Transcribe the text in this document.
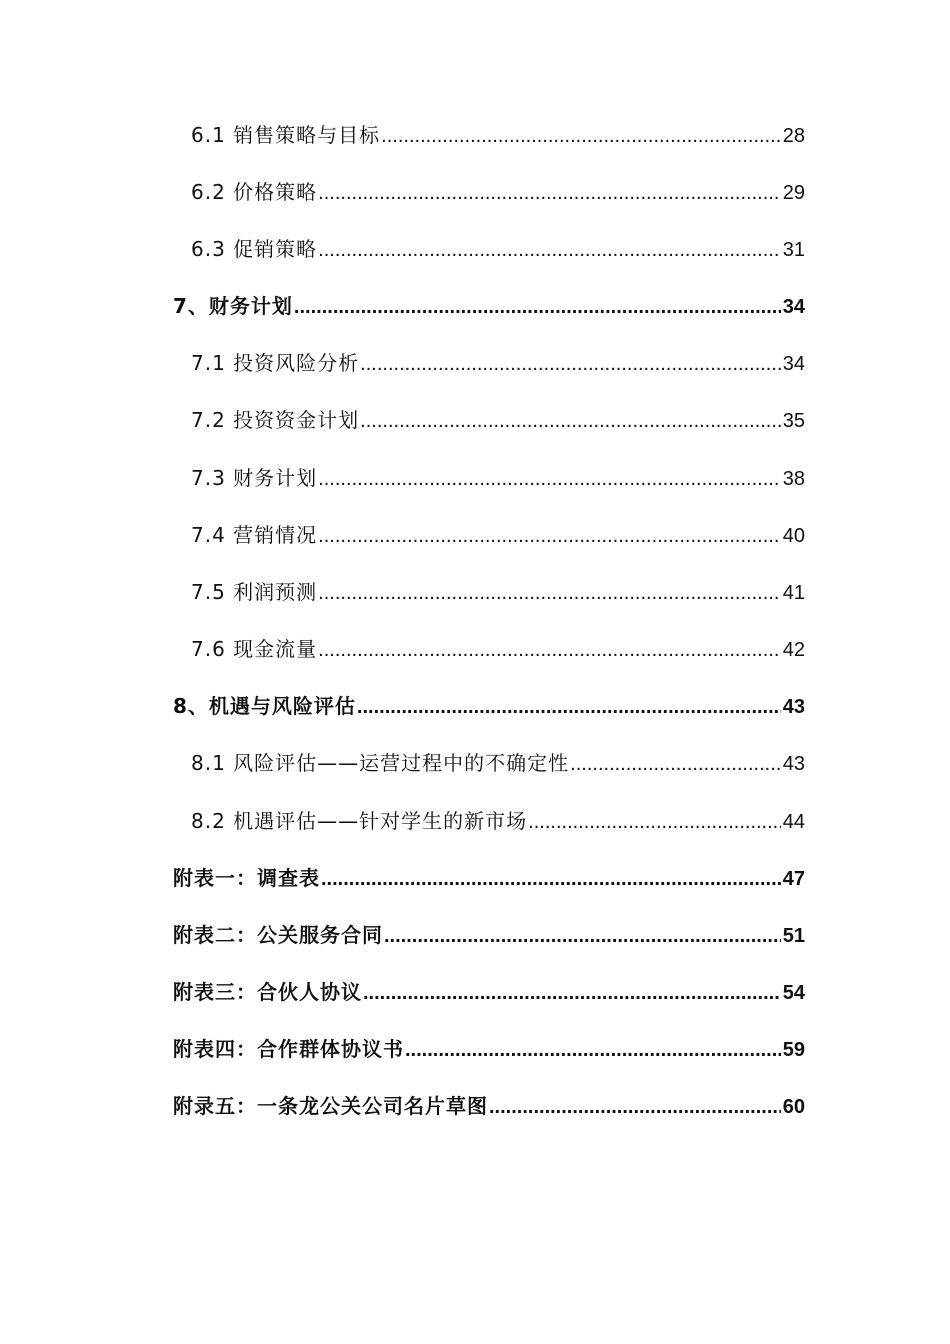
6.1 销售策略与目标 .....	28
6.2 价格策略 .....	29
6.3 促销策略 .....	31
7、财务计划 .....	34
7.1 投资风险分析 .....	34
7.2 投资资金计划 .....	35
7.3 财务计划 .....	38
7.4 营销情况 .....	40
7.5 利润预测 .....	41
7.6 现金流量 .....	42
8、机遇与风险评估 .....	43
8.1 风险评估——运营过程中的不确定性 .....	43
8.2 机遇评估——针对学生的新市场 .....	44
附表一：调查表 .....	47
附表二：公关服务合同 .....	51
附表三：合伙人协议 .....	54
附表四：合作群体协议书 .....	59
附录五：一条龙公关公司名片草图 .....	60
